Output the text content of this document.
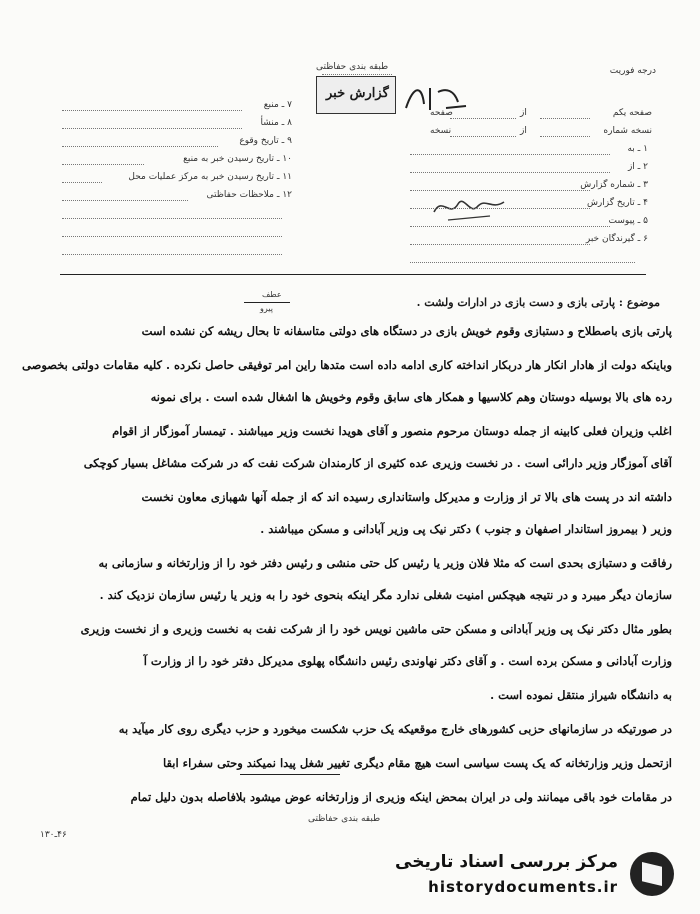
درجه فوریت
طبقه بندی حفاظتی
گزارش خبر
صفحه یکم
از
صفحه
نسخه شماره
از
نسخه
۱ ـ به
۲ ـ از
۳ ـ شماره گزارش
۴ ـ تاریخ گزارش
۵ ـ پیوست
۶ ـ گیرندگان خبر
۷ ـ منبع
۸ ـ منشأ
۹ ـ تاریخ وقوع
۱۰ ـ تاریخ رسیدن خبر به منبع
۱۱ ـ تاریخ رسیدن خبر به مرکز عملیات محل
۱۲ ـ ملاحظات حفاظتی
عطف
پیرو	موضوع : پارتی بازی و دست بازی در ادارات ولشت .
پارتی بازی باصطلاح و دستبازی وقوم خویش بازی در دستگاه های دولتی متاسفانه تا بحال ریشه کن نشده است
وباینکه دولت از هادار انکار هار دربکار انداخته کاری ادامه داده است متدها راین امر توفیقی حاصل نکرده . کلیه مقامات دولتی بخصوصی
رده های بالا بوسیله دوستان وهم کلاسیها و همکار های سابق وقوم وخویش ها اشغال شده است . برای نمونه
اغلب وزیران فعلی کابینه از جمله دوستان مرحوم منصور و آقای هویدا نخست وزیر میباشند . تیمسار آموزگار از اقوام
آقای آموزگار وزیر دارائی است . در نخست وزیری عده کثیری از کارمندان شرکت نفت که در شرکت مشاغل بسیار کوچکی
داشته اند در پست های بالا تر از وزارت و مدیرکل واستانداری رسیده اند که از جمله آنها شهبازی معاون نخست
وزیر ( بیمروز استاندار اصفهان و جنوب ) دکتر نیک پی وزیر آبادانی و مسکن میباشند .
رفاقت و دستبازی بحدی است که مثلا فلان وزیر یا رئیس کل حتی منشی و رئیس دفتر خود را از وزارتخانه و سازمانی به
سازمان دیگر میبرد و در نتیجه هیچکس امنیت شغلی ندارد مگر اینکه بنحوی خود را به وزیر یا رئیس سازمان نزدیک کند .
بطور مثال دکتر نیک پی وزیر آبادانی و مسکن حتی ماشین نویس خود را از شرکت نفت به نخست وزیری و از نخست وزیری
وزارت آبادانی و مسکن برده است . و آقای دکتر نهاوندی رئیس دانشگاه پهلوی مدیرکل دفتر خود را از وزارت آ
به دانشگاه شیراز منتقل نموده است .
در صورتیکه در سازمانهای حزبی کشورهای خارج موقعیکه یک حزب شکست میخورد و حزب دیگری روی کار میآید به
ازتحمل وزیر وزارتخانه که یک پست سیاسی است هیچ مقام دیگری تغییر شغل پیدا نمیکند وحتی سفراء ابقا
در مقامات خود باقی میمانند ولی در ایران بمحض اینکه وزیری از وزارتخانه عوض میشود بلافاصله بدون دلیل تمام
طبقه بندی حفاظتی
۴۶ـ۱۳۰
مرکز بررسی اسناد تاریخی
historydocuments.ir
